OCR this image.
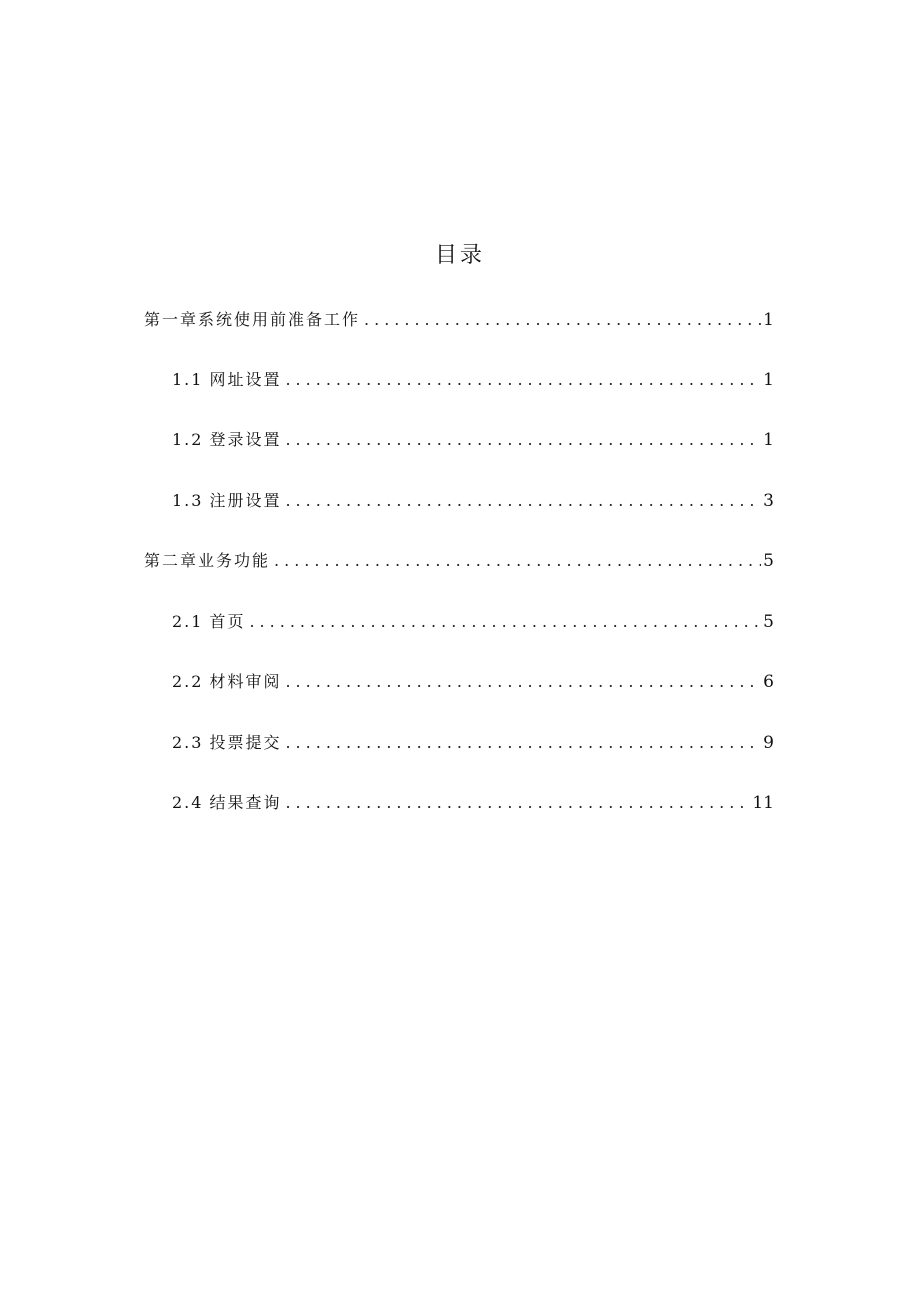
目录
第一章系统使用前准备工作 .....	1
1.1 网址设置 .....	1
1.2 登录设置 .....	1
1.3 注册设置 .....	3
第二章业务功能 .....	5
2.1 首页 .....	5
2.2 材料审阅 .....	6
2.3 投票提交 .....	9
2.4 结果查询 .....	11
